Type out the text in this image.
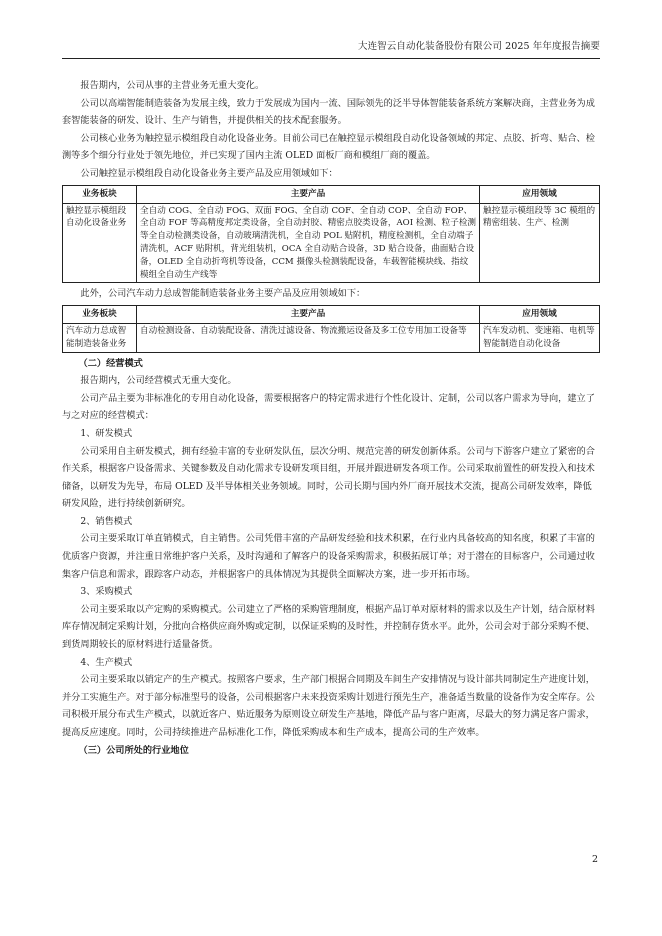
大连智云自动化装备股份有限公司 2025 年年度报告摘要

报告期内，公司从事的主营业务无重大变化。

公司以高端智能制造装备为发展主线，致力于发展成为国内一流、国际领先的泛半导体智能装备系统方案解决商，主营业务为成套智能装备的研发、设计、生产与销售，并提供相关的技术配套服务。

公司核心业务为触控显示模组段自动化设备业务。目前公司已在触控显示模组段自动化设备领域的邦定、点胶、折弯、贴合、检测等多个细分行业处于领先地位，并已实现了国内主流 OLED 面板厂商和模组厂商的覆盖。

公司触控显示模组段自动化设备业务主要产品及应用领域如下：

业务板块	主要产品	应用领域
触控显示模组段自动化设备业务	全自动 COG、全自动 FOG、双面 FOG、全自动 COF、全自动 COP、全自动 FOP、全自动 FOF 等高精度邦定类设备，全自动封胶、精密点胶类设备，AOI 检测、粒子检测等全自动检测类设备，自动玻璃清洗机，全自动 POL 贴附机，精度检测机，全自动端子清洗机，ACF 贴附机，背光组装机，OCA 全自动贴合设备，3D 贴合设备，曲面贴合设备，OLED 全自动折弯机等设备，CCM 摄像头检测装配设备，车载智能模块线、指纹模组全自动生产线等	触控显示模组段等 3C 模组的精密组装、生产、检测

此外，公司汽车动力总成智能制造装备业务主要产品及应用领域如下：

业务板块	主要产品	应用领域
汽车动力总成智能制造装备业务	自动检测设备、自动装配设备、清洗过滤设备、物流搬运设备及多工位专用加工设备等	汽车发动机、变速箱、电机等智能制造自动化设备
（二）经营模式

报告期内，公司经营模式无重大变化。

公司产品主要为非标准化的专用自动化设备，需要根据客户的特定需求进行个性化设计、定制，公司以客户需求为导向，建立了与之对应的经营模式：

1、研发模式

公司采用自主研发模式，拥有经验丰富的专业研发队伍，层次分明、规范完善的研发创新体系。公司与下游客户建立了紧密的合作关系，根据客户设备需求、关键参数及自动化需求专设研发项目组，开展并跟进研发各项工作。公司采取前置性的研发投入和技术储备，以研发为先导，布局 OLED 及半导体相关业务领域。同时，公司长期与国内外厂商开展技术交流，提高公司研发效率，降低研发风险，进行持续创新研究。

2、销售模式

公司主要采取订单直销模式，自主销售。公司凭借丰富的产品研发经验和技术积累，在行业内具备较高的知名度，积累了丰富的优质客户资源，并注重日常维护客户关系，及时沟通和了解客户的设备采购需求，积极拓展订单；对于潜在的目标客户，公司通过收集客户信息和需求，跟踪客户动态，并根据客户的具体情况为其提供全面解决方案，进一步开拓市场。

3、采购模式

公司主要采取以产定购的采购模式。公司建立了严格的采购管理制度，根据产品订单对原材料的需求以及生产计划，结合原材料库存情况制定采购计划，分批向合格供应商外购或定制，以保证采购的及时性，并控制存货水平。此外，公司会对于部分采购不便、到货周期较长的原材料进行适量备货。

4、生产模式

公司主要采取以销定产的生产模式。按照客户要求，生产部门根据合同期及车间生产安排情况与设计部共同制定生产进度计划，并分工实施生产。对于部分标准型号的设备，公司根据客户未来投资采购计划进行预先生产，准备适当数量的设备作为安全库存。公司积极开展分布式生产模式，以就近客户、贴近服务为原则设立研发生产基地，降低产品与客户距离，尽最大的努力满足客户需求，提高反应速度。同时，公司持续推进产品标准化工作，降低采购成本和生产成本，提高公司的生产效率。

（三）公司所处的行业地位
2
